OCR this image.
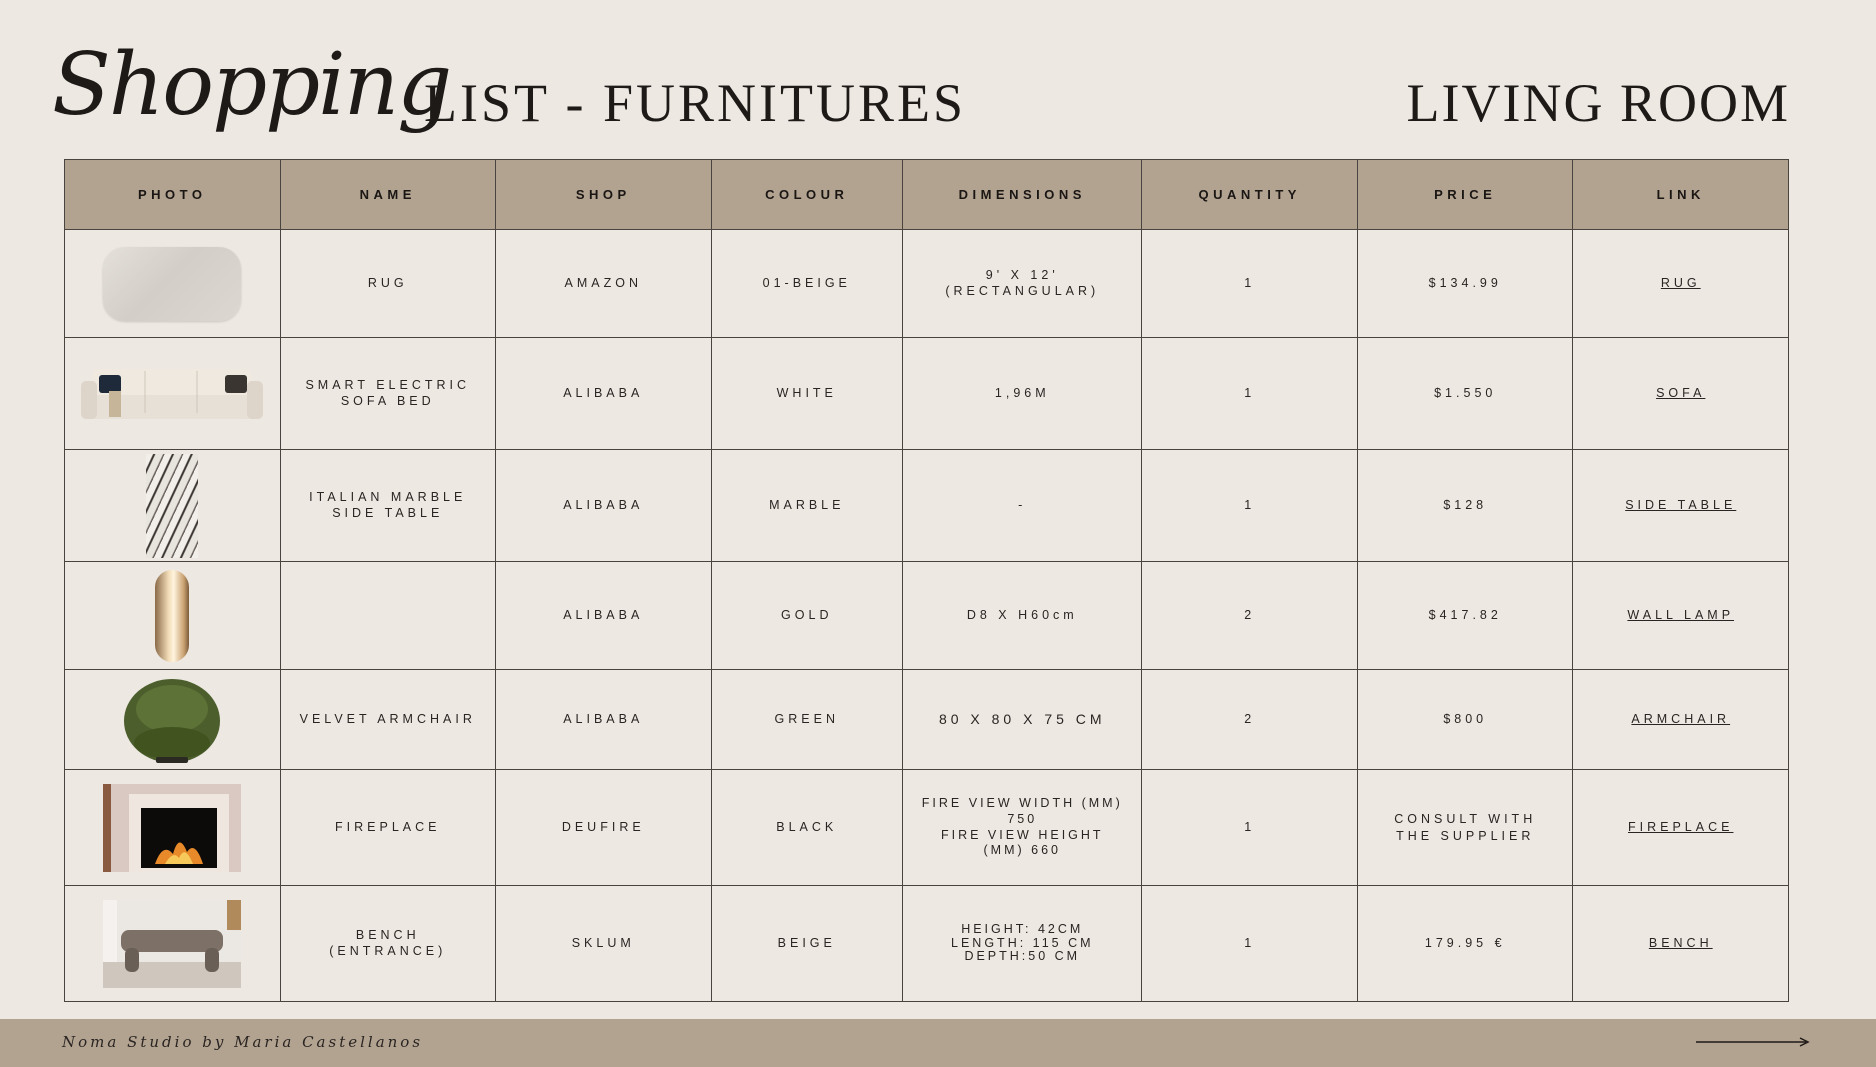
Shopping
LIST - FURNITURES	LIVING ROOM
PHOTO	NAME	SHOP	COLOUR	DIMENSIONS	QUANTITY	PRICE	LINK

	RUG	AMAZON	01-BEIGE	9' X 12'
(RECTANGULAR)	1	$134.99	RUG

	SMART ELECTRIC
SOFA BED	ALIBABA	WHITE	1,96M	1	$1.550	SOFA

	ITALIAN MARBLE
SIDE TABLE	ALIBABA	MARBLE	-	1	$128	SIDE TABLE

		ALIBABA	GOLD	D8 X H60cm	2	$417.82	WALL LAMP

	VELVET ARMCHAIR	ALIBABA	GREEN	80 X 80 X 75 CM	2	$800	ARMCHAIR

	FIREPLACE	DEUFIRE	BLACK	FIRE VIEW WIDTH (MM)
750
FIRE VIEW HEIGHT
(MM) 660	1	CONSULT WITH
THE SUPPLIER	FIREPLACE

	BENCH
(ENTRANCE)	SKLUM	BEIGE	HEIGHT: 42CM
LENGTH: 115 CM
DEPTH:50 CM	1	179.95 €	BENCH
Noma Studio by Maria Castellanos
